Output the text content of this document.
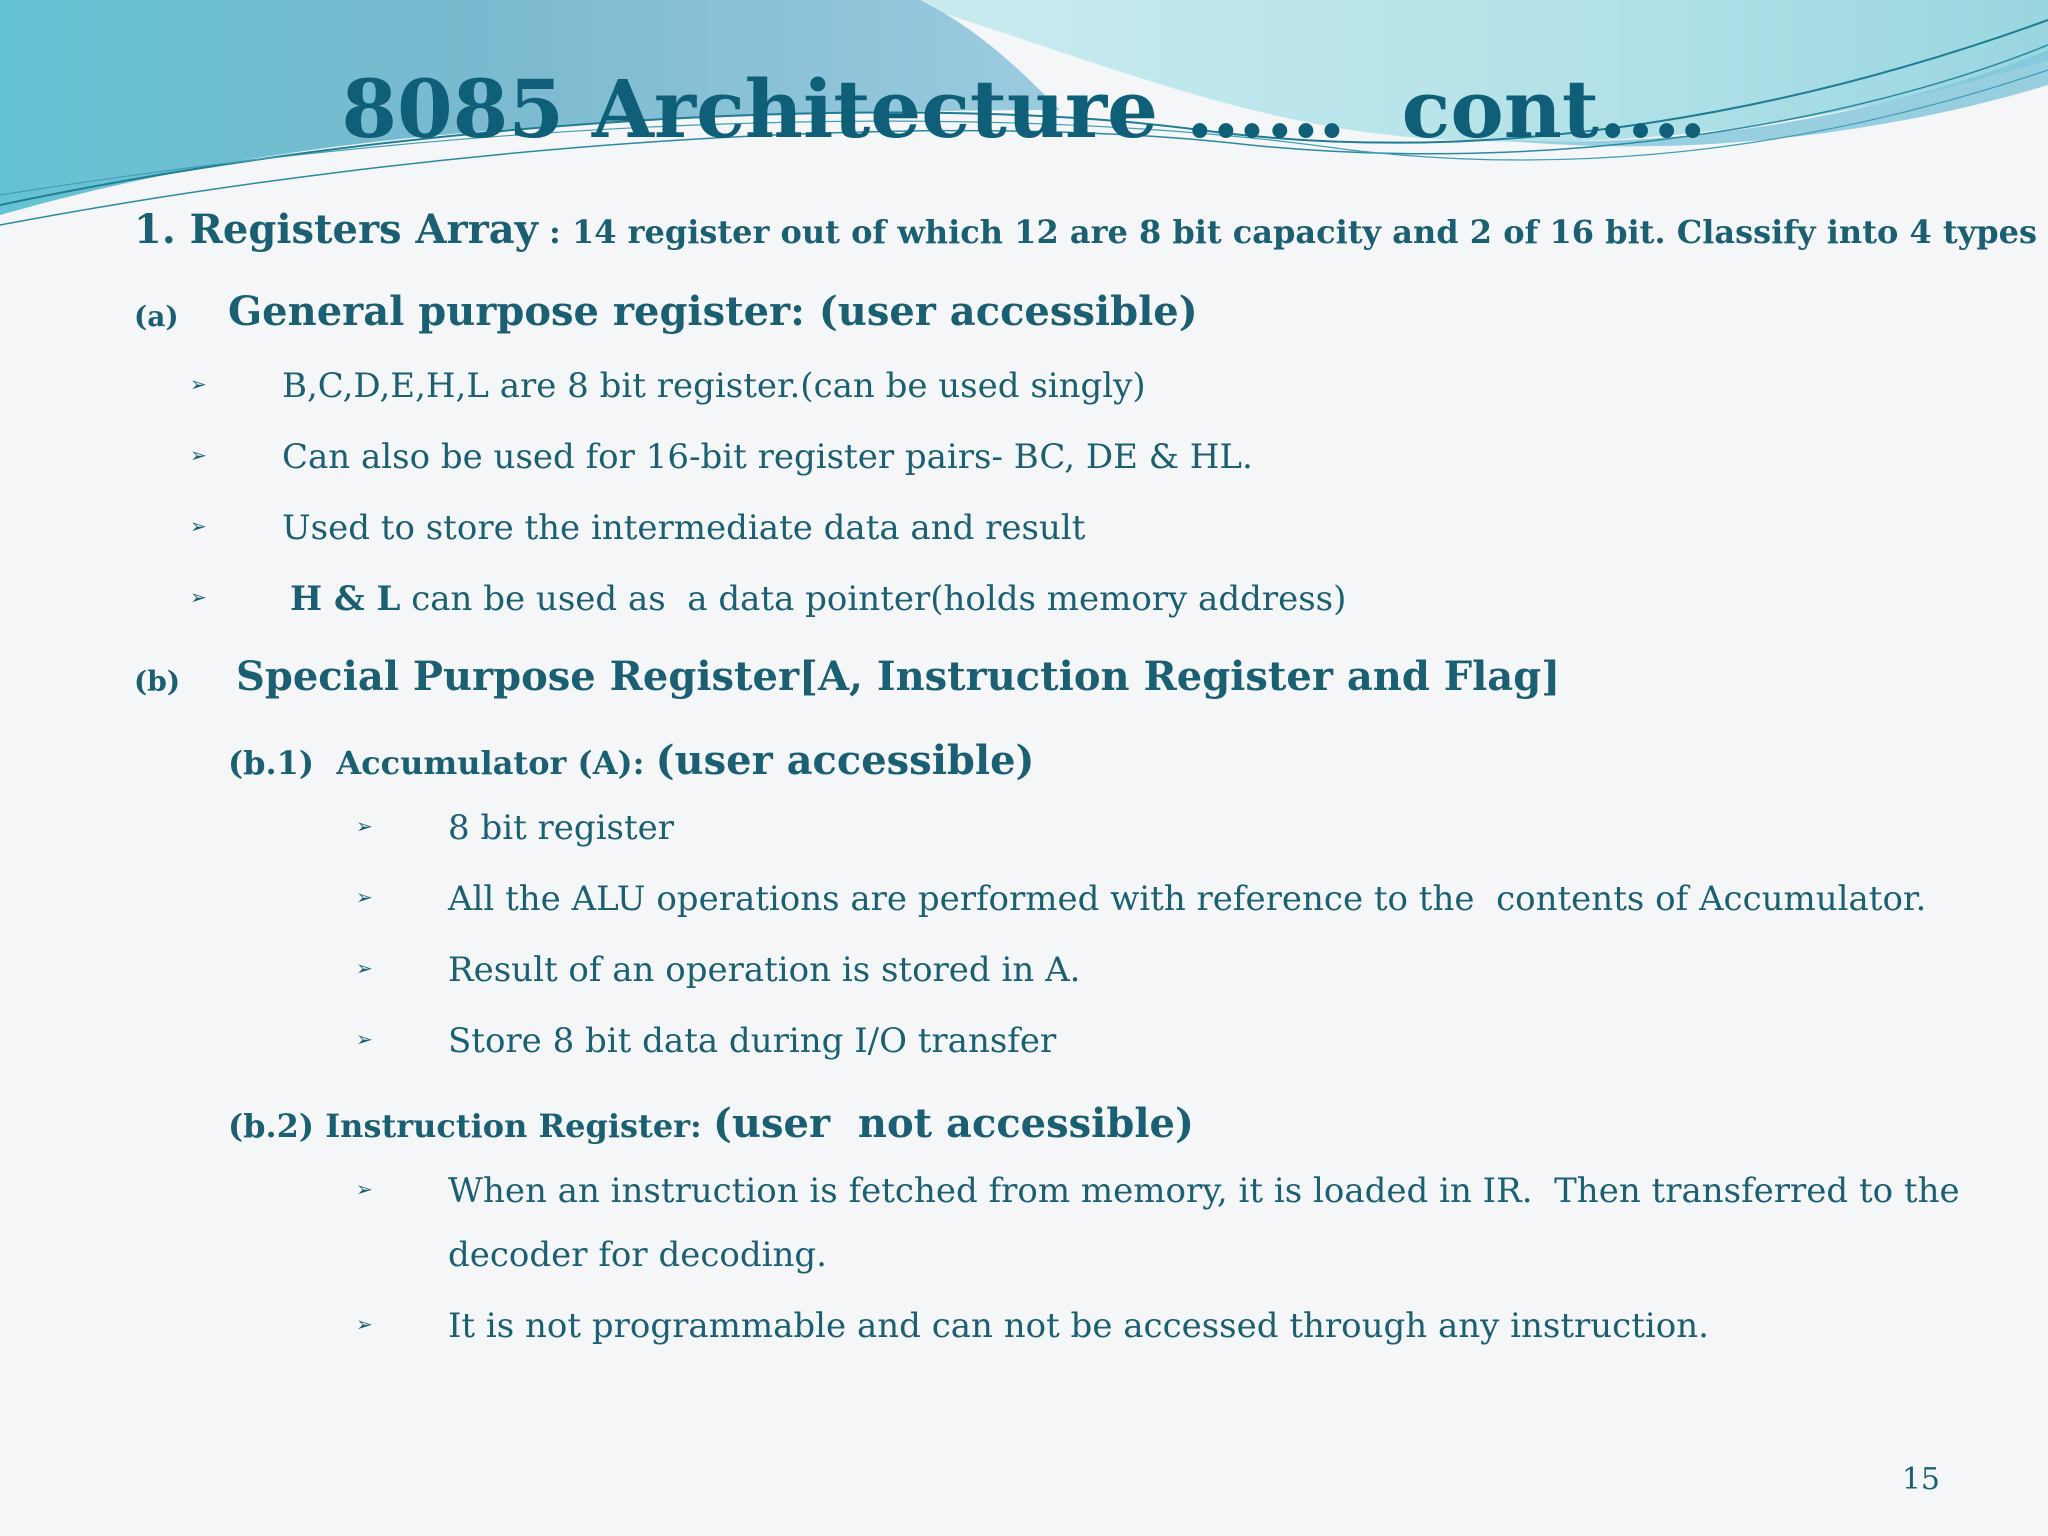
8085 Architecture ……  cont.…
1. Registers Array : 14 register out of which 12 are 8 bit capacity and 2 of 16 bit. Classify into 4 types
(a) General purpose register: (user accessible)
➢ B,C,D,E,H,L are 8 bit register.(can be used singly)
➢ Can also be used for 16-bit register pairs- BC, DE & HL.
➢ Used to store the intermediate data and result
➢ H & L can be used as  a data pointer(holds memory address)
(b) Special Purpose Register[A, Instruction Register and Flag]
(b.1)  Accumulator (A): (user accessible)
➢ 8 bit register
➢ All the ALU operations are performed with reference to the  contents of Accumulator.
➢ Result of an operation is stored in A.
➢ Store 8 bit data during I/O transfer
(b.2) Instruction Register: (user  not accessible)
➢ When an instruction is fetched from memory, it is loaded in IR.  Then transferred to the
decoder for decoding.
➢ It is not programmable and can not be accessed through any instruction.
15
